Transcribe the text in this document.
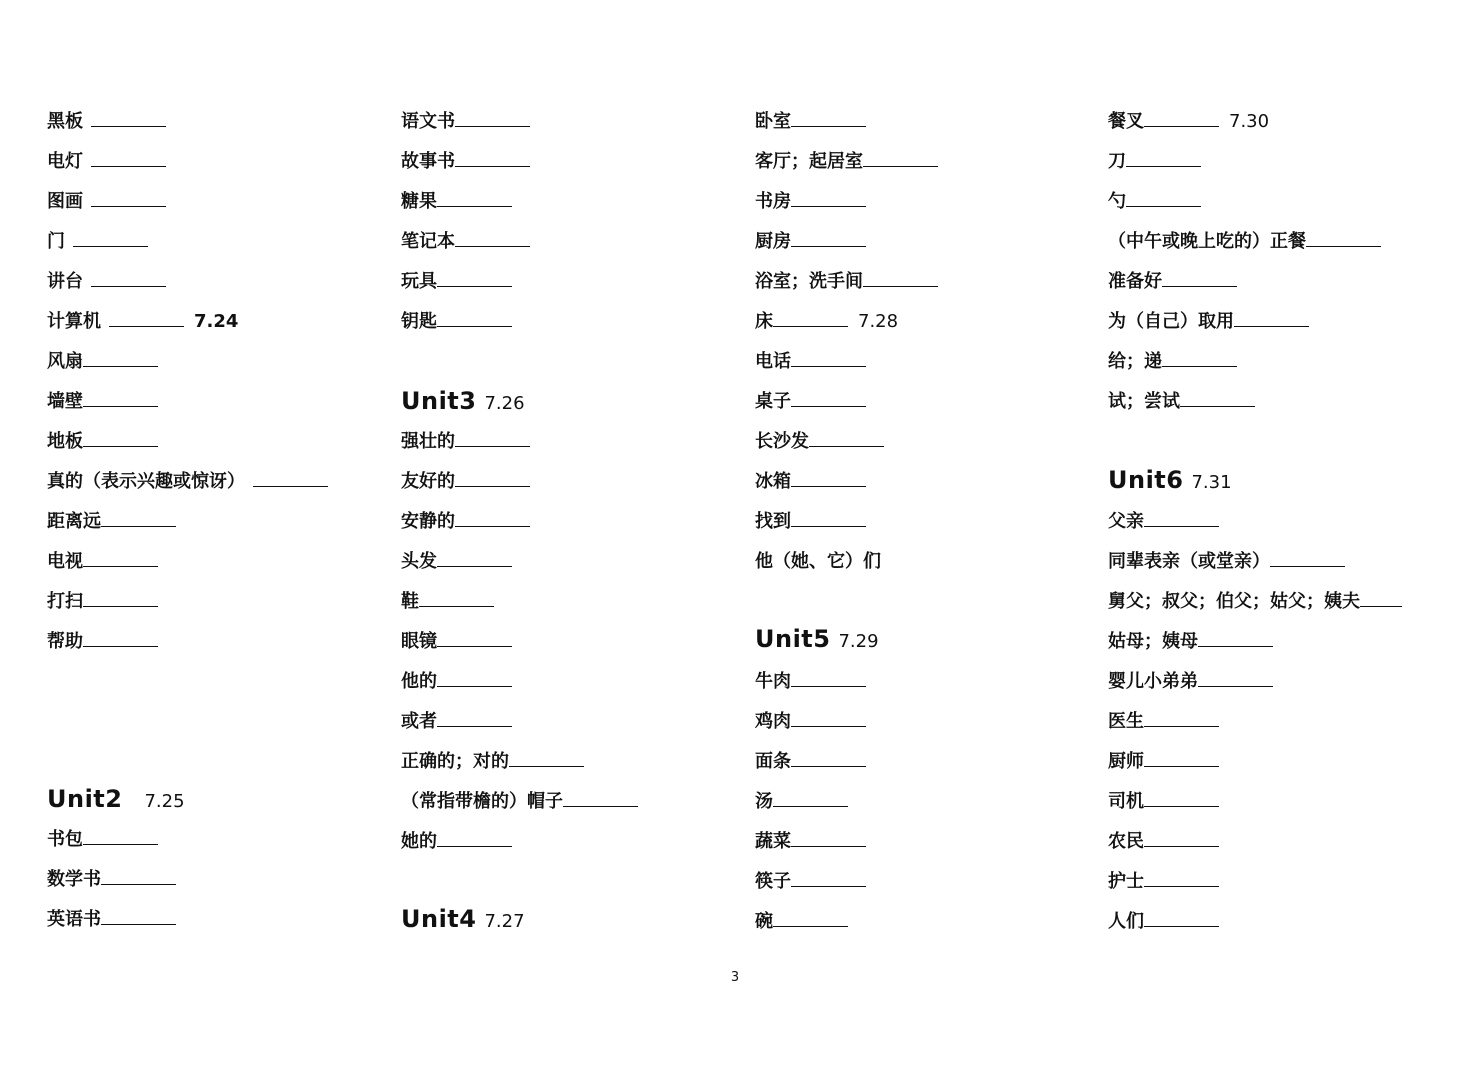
黑板
电灯
图画
门
讲台
计算机	7.24
风扇
墙壁
地板
真的（表示兴趣或惊讶）
距离远
电视
打扫
帮助
Unit2 7.25
书包
数学书
英语书
语文书
故事书
糖果
笔记本
玩具
钥匙
Unit3 7.26
强壮的
友好的
安静的
头发
鞋
眼镜
他的
或者
正确的；对的
（常指带檐的）帽子
她的
Unit4 7.27
卧室
客厅；起居室
书房
厨房
浴室；洗手间
床	7.28
电话
桌子
长沙发
冰箱
找到
他（她、它）们
Unit5 7.29
牛肉
鸡肉
面条
汤
蔬菜
筷子
碗
餐叉	7.30
刀
勺
（中午或晚上吃的）正餐
准备好
为（自己）取用
给；递
试；尝试
Unit6 7.31
父亲
同辈表亲（或堂亲）
舅父；叔父；伯父；姑父；姨夫
姑母；姨母
婴儿小弟弟
医生
厨师
司机
农民
护士
人们
3
